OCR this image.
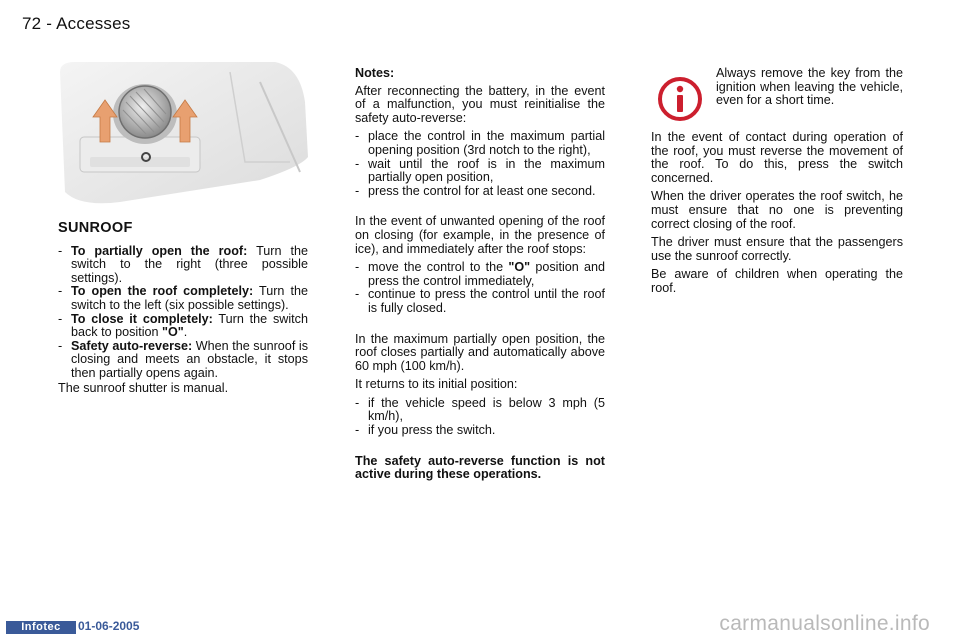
72 - Accesses

SUNROOF

- To partially open the roof: Turn the switch to the right (three possible settings).
- To open the roof completely: Turn the switch to the left (six possible settings).
- To close it completely: Turn the switch back to position "O".
- Safety auto-reverse: When the sunroof is closing and meets an obstacle, it stops then partially opens again.

The sunroof shutter is manual.

Notes:

After reconnecting the battery, in the event of a malfunction, you must reinitialise the safety auto-reverse:

- place the control in the maximum partial opening position (3rd notch to the right),
- wait until the roof is in the maximum partially open position,
- press the control for at least one second.

In the event of unwanted opening of the roof on closing (for example, in the presence of ice), and immediately after the roof stops:

- move the control to the "O" position and press the control immediately,
- continue to press the control until the roof is fully closed.

In the maximum partially open position, the roof closes partially and automatically above 60 mph (100 km/h).

It returns to its initial position:

- if the vehicle speed is below 3 mph (5 km/h),
- if you press the switch.

The safety auto-reverse function is not active during these operations.

Always remove the key from the ignition when leaving the vehicle, even for a short time.

In the event of contact during operation of the roof, you must reverse the movement of the roof. To do this, press the switch concerned.

When the driver operates the roof switch, he must ensure that no one is preventing correct closing of the roof.

The driver must ensure that the passengers use the sunroof correctly.

Be aware of children when operating the roof.

Infotec	01-06-2005	carmanualsonline.info
